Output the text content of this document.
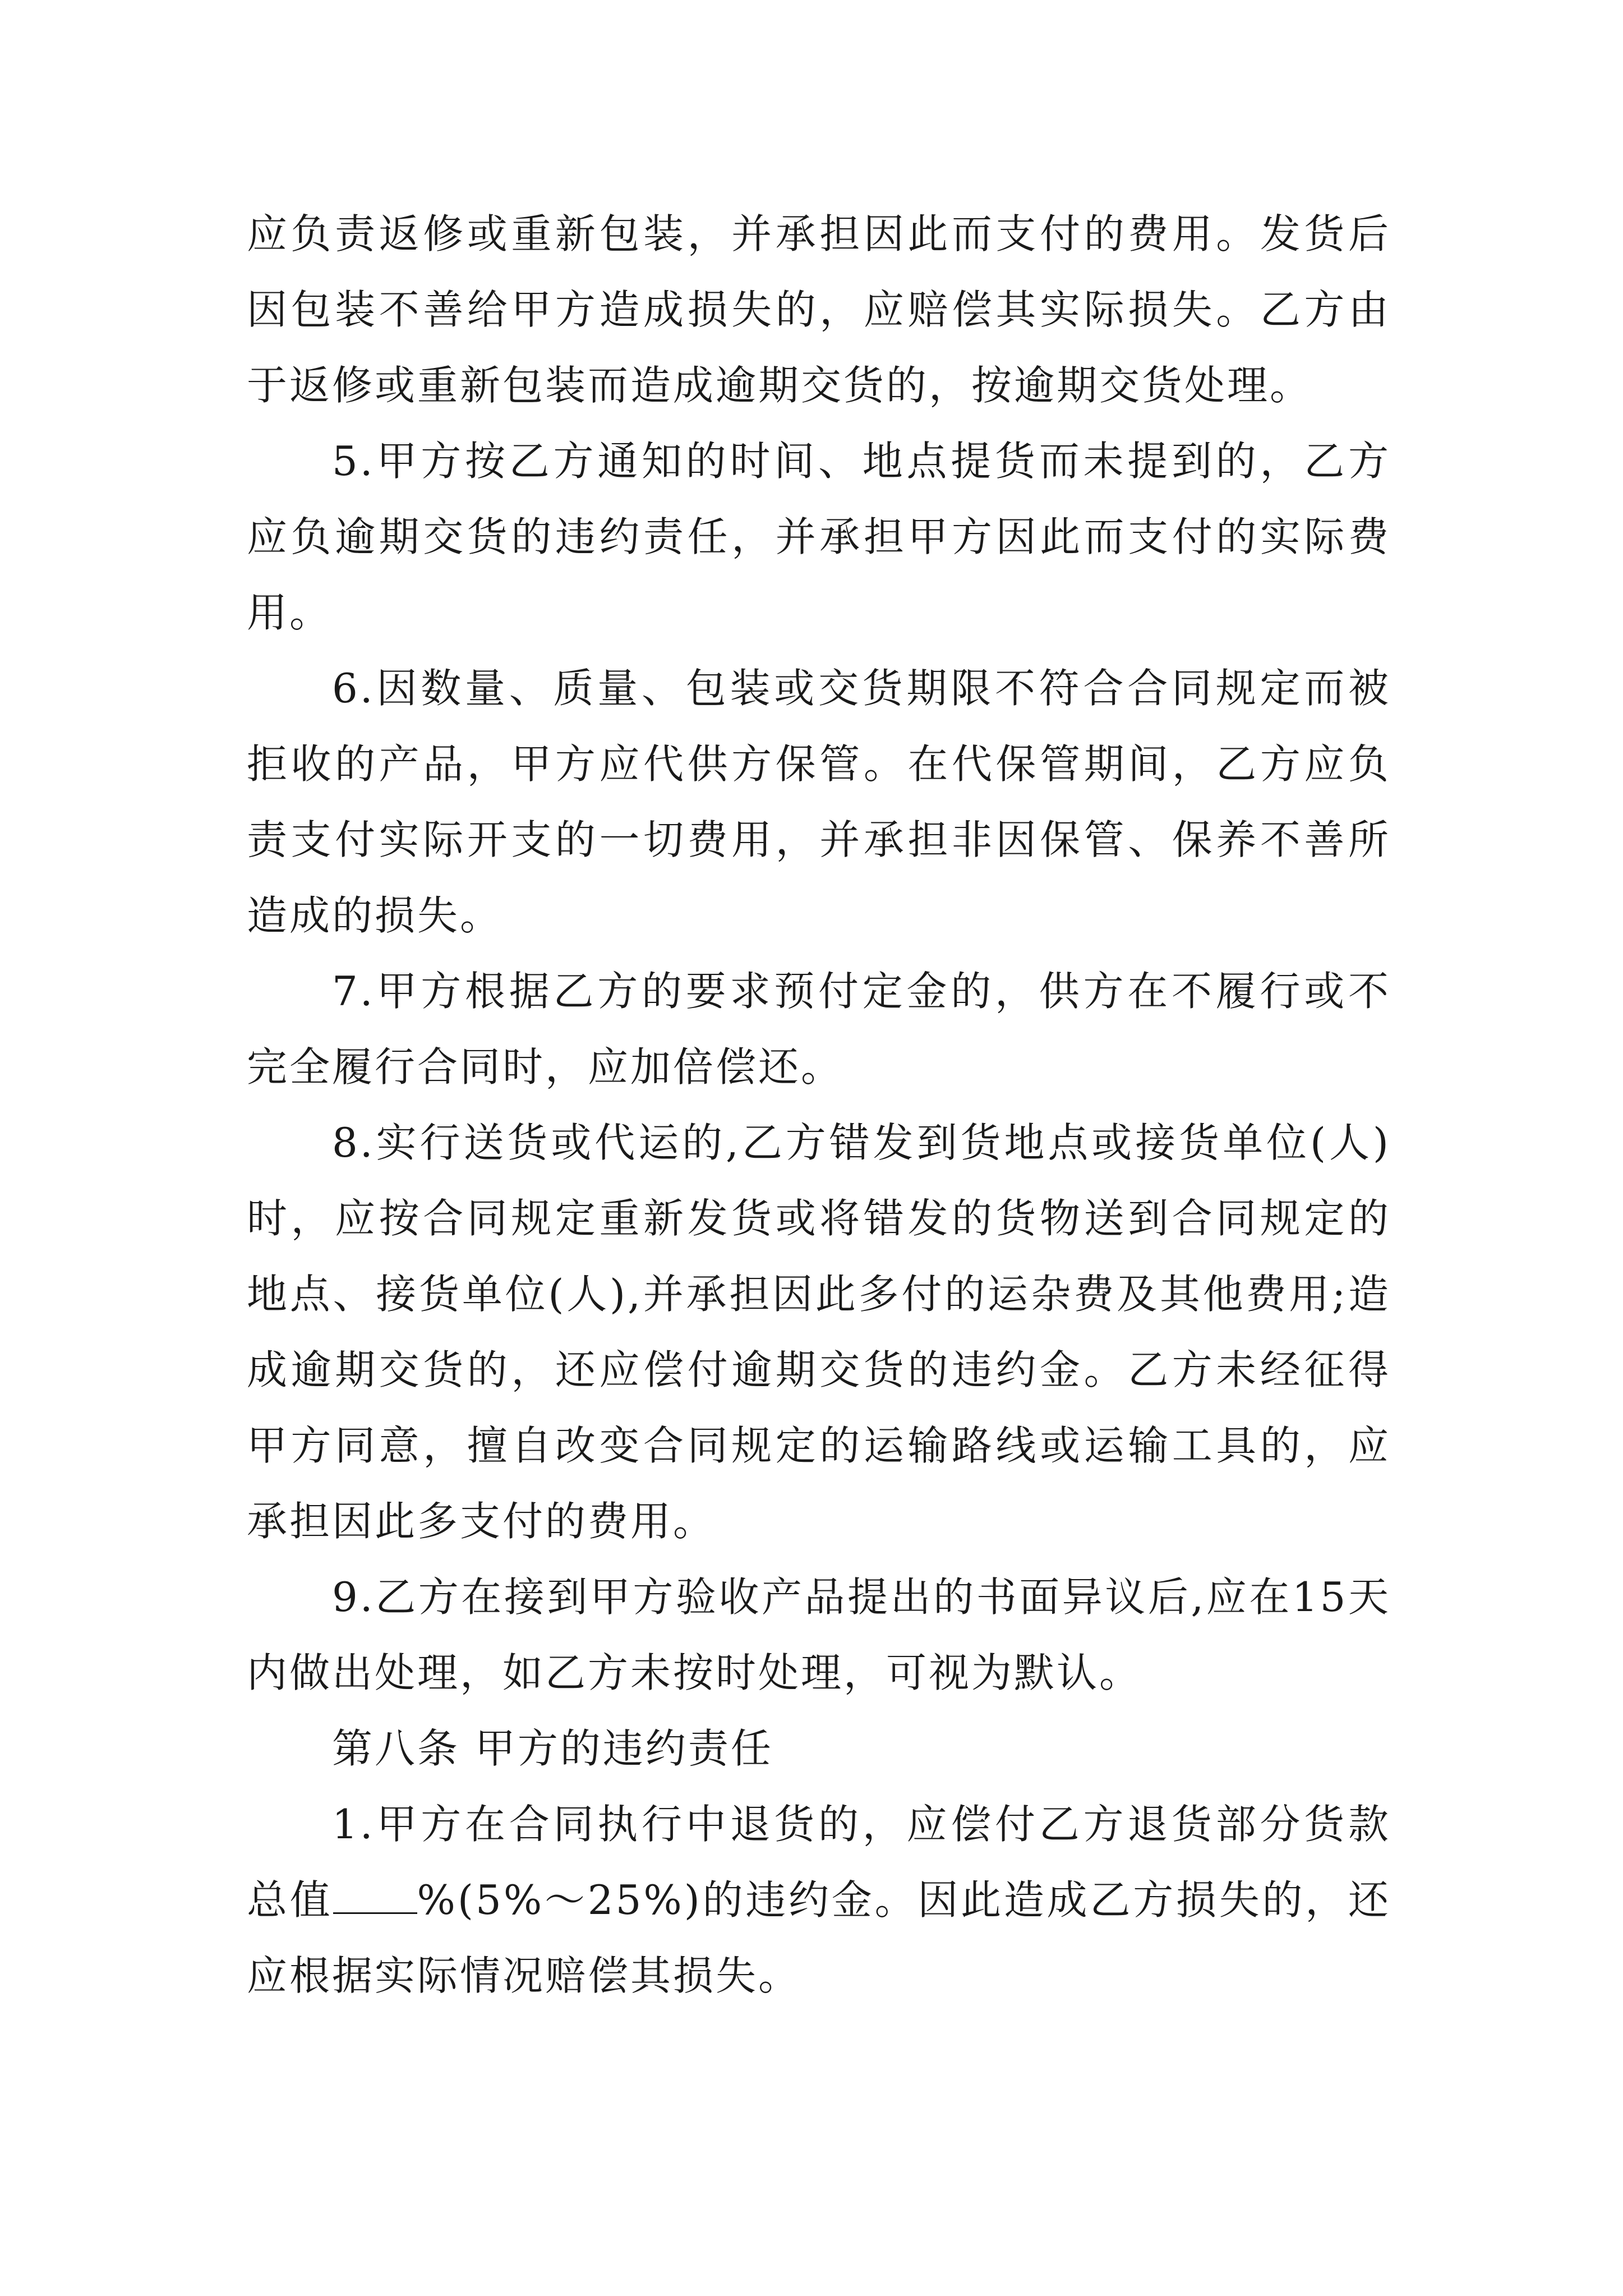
应负责返修或重新包装，并承担因此而支付的费用。发货后因包装不善给甲方造成损失的，应赔偿其实际损失。乙方由于返修或重新包装而造成逾期交货的，按逾期交货处理。

5.甲方按乙方通知的时间、地点提货而未提到的，乙方应负逾期交货的违约责任，并承担甲方因此而支付的实际费用。

6.因数量、质量、包装或交货期限不符合合同规定而被拒收的产品，甲方应代供方保管。在代保管期间，乙方应负责支付实际开支的一切费用，并承担非因保管、保养不善所造成的损失。

7.甲方根据乙方的要求预付定金的，供方在不履行或不完全履行合同时，应加倍偿还。

8.实行送货或代运的,乙方错发到货地点或接货单位(人)时，应按合同规定重新发货或将错发的货物送到合同规定的地点、接货单位(人),并承担因此多付的运杂费及其他费用;造成逾期交货的，还应偿付逾期交货的违约金。乙方未经征得甲方同意，擅自改变合同规定的运输路线或运输工具的，应承担因此多支付的费用。

9.乙方在接到甲方验收产品提出的书面异议后,应在15天内做出处理，如乙方未按时处理，可视为默认。

第八条 甲方的违约责任

1.甲方在合同执行中退货的，应偿付乙方退货部分货款总值 %(5%～25%)的违约金。因此造成乙方损失的，还应根据实际情况赔偿其损失。
